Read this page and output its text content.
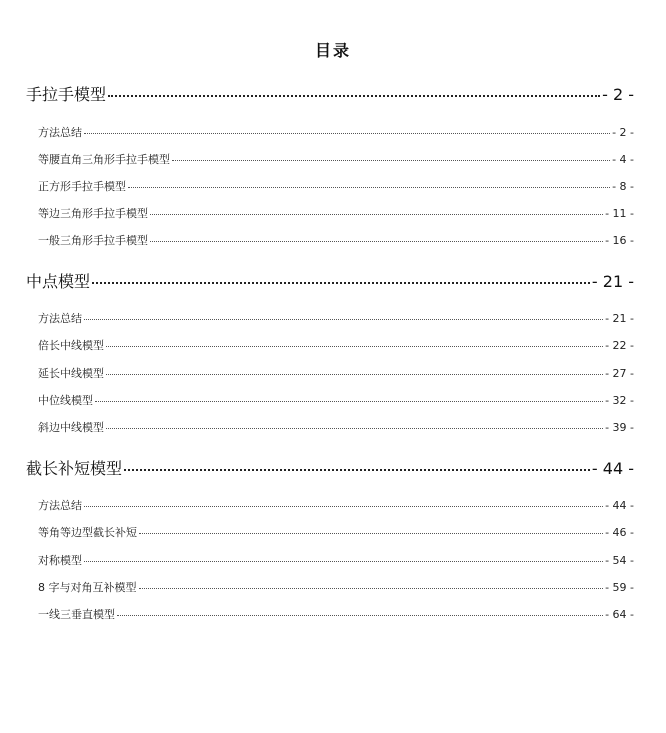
目录
手拉手模型	- 2 -
方法总结	- 2 -
等腰直角三角形手拉手模型	- 4 -
正方形手拉手模型	- 8 -
等边三角形手拉手模型	- 11 -
一般三角形手拉手模型	- 16 -
中点模型	- 21 -
方法总结	- 21 -
倍长中线模型	- 22 -
延长中线模型	- 27 -
中位线模型	- 32 -
斜边中线模型	- 39 -
截长补短模型	- 44 -
方法总结	- 44 -
等角等边型截长补短	- 46 -
对称模型	- 54 -
8 字与对角互补模型	- 59 -
一线三垂直模型	- 64 -
